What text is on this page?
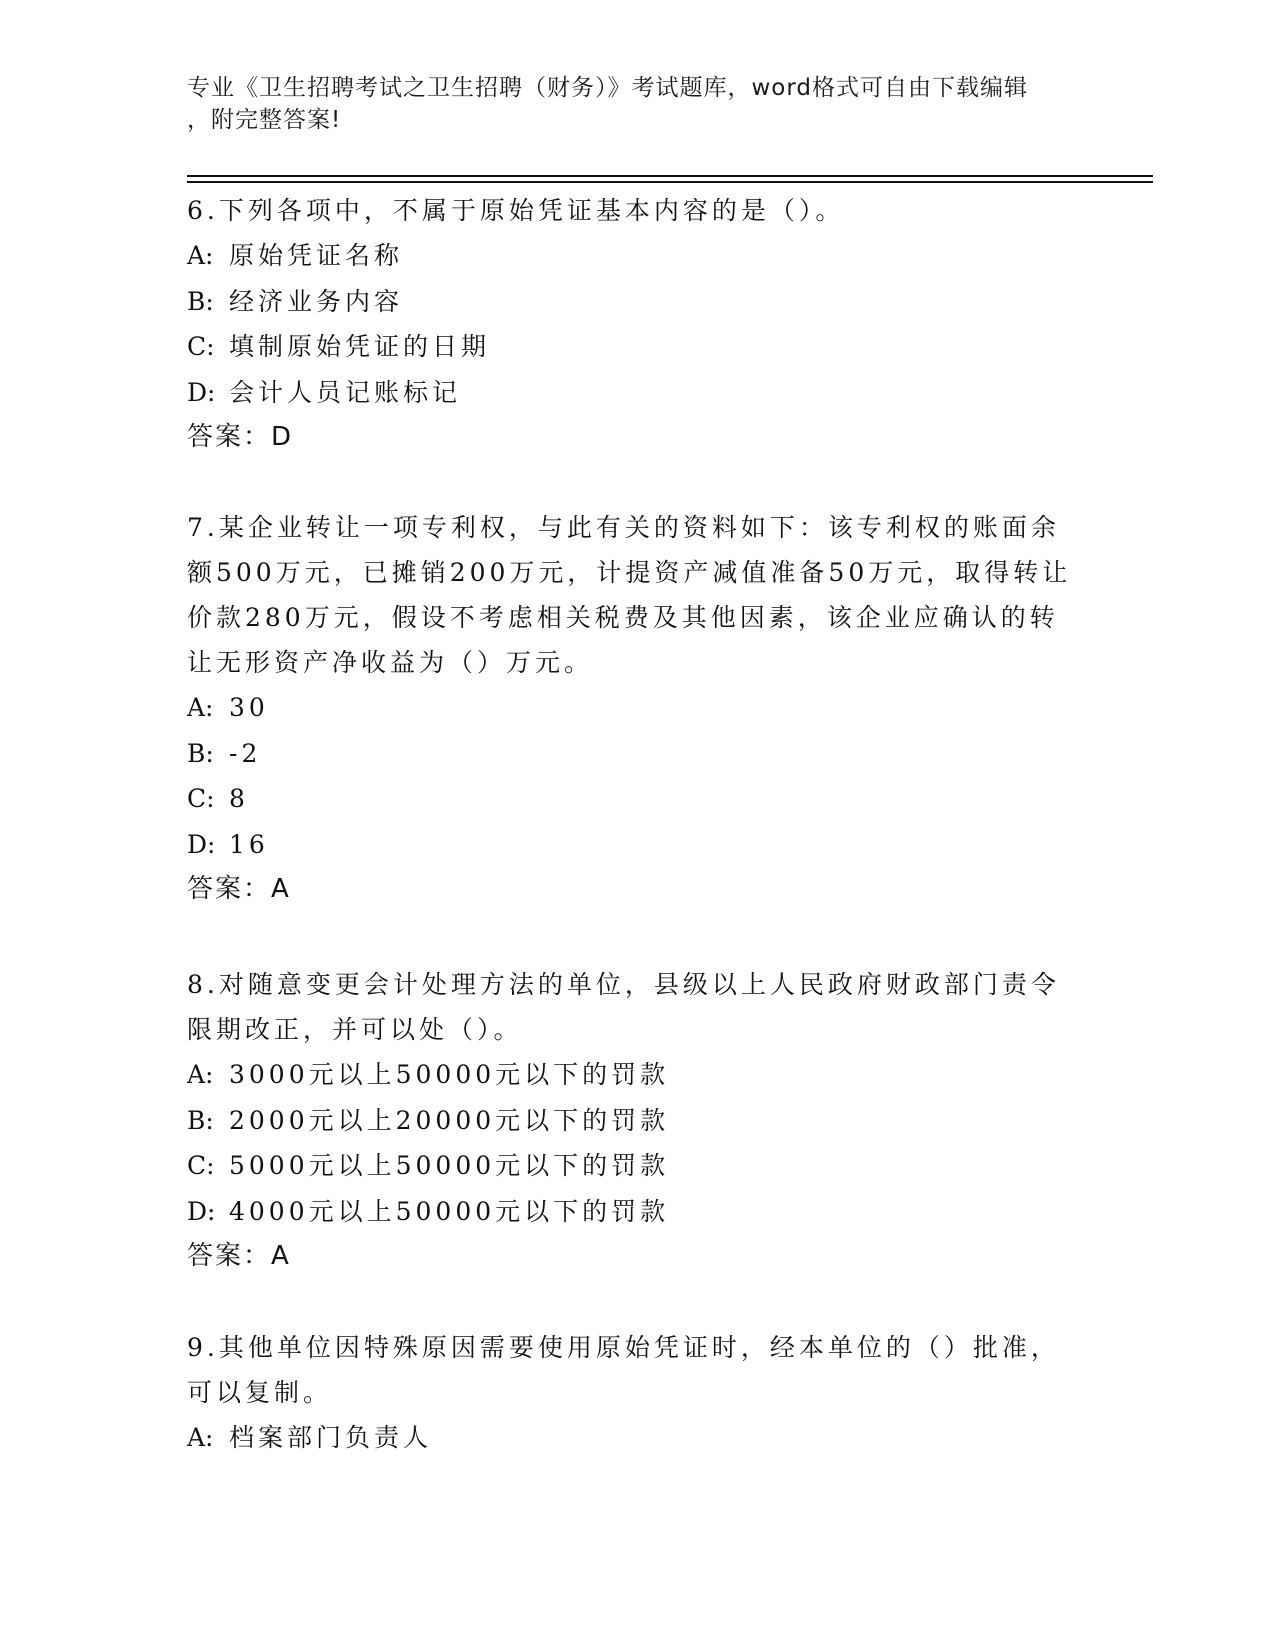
专业《卫生招聘考试之卫生招聘（财务）》考试题库，word格式可自由下载编辑
，附完整答案!
6.下列各项中，不属于原始凭证基本内容的是（）。
A: 原始凭证名称
B: 经济业务内容
C: 填制原始凭证的日期
D: 会计人员记账标记
答案：D
7.某企业转让一项专利权，与此有关的资料如下：该专利权的账面余
额500万元，已摊销200万元，计提资产减值准备50万元，取得转让
价款280万元，假设不考虑相关税费及其他因素，该企业应确认的转
让无形资产净收益为（）万元。
A: 30
B: -2
C: 8
D: 16
答案：A
8.对随意变更会计处理方法的单位，县级以上人民政府财政部门责令
限期改正，并可以处（）。
A: 3000元以上50000元以下的罚款
B: 2000元以上20000元以下的罚款
C: 5000元以上50000元以下的罚款
D: 4000元以上50000元以下的罚款
答案：A
9.其他单位因特殊原因需要使用原始凭证时，经本单位的（）批准，
可以复制。
A: 档案部门负责人
